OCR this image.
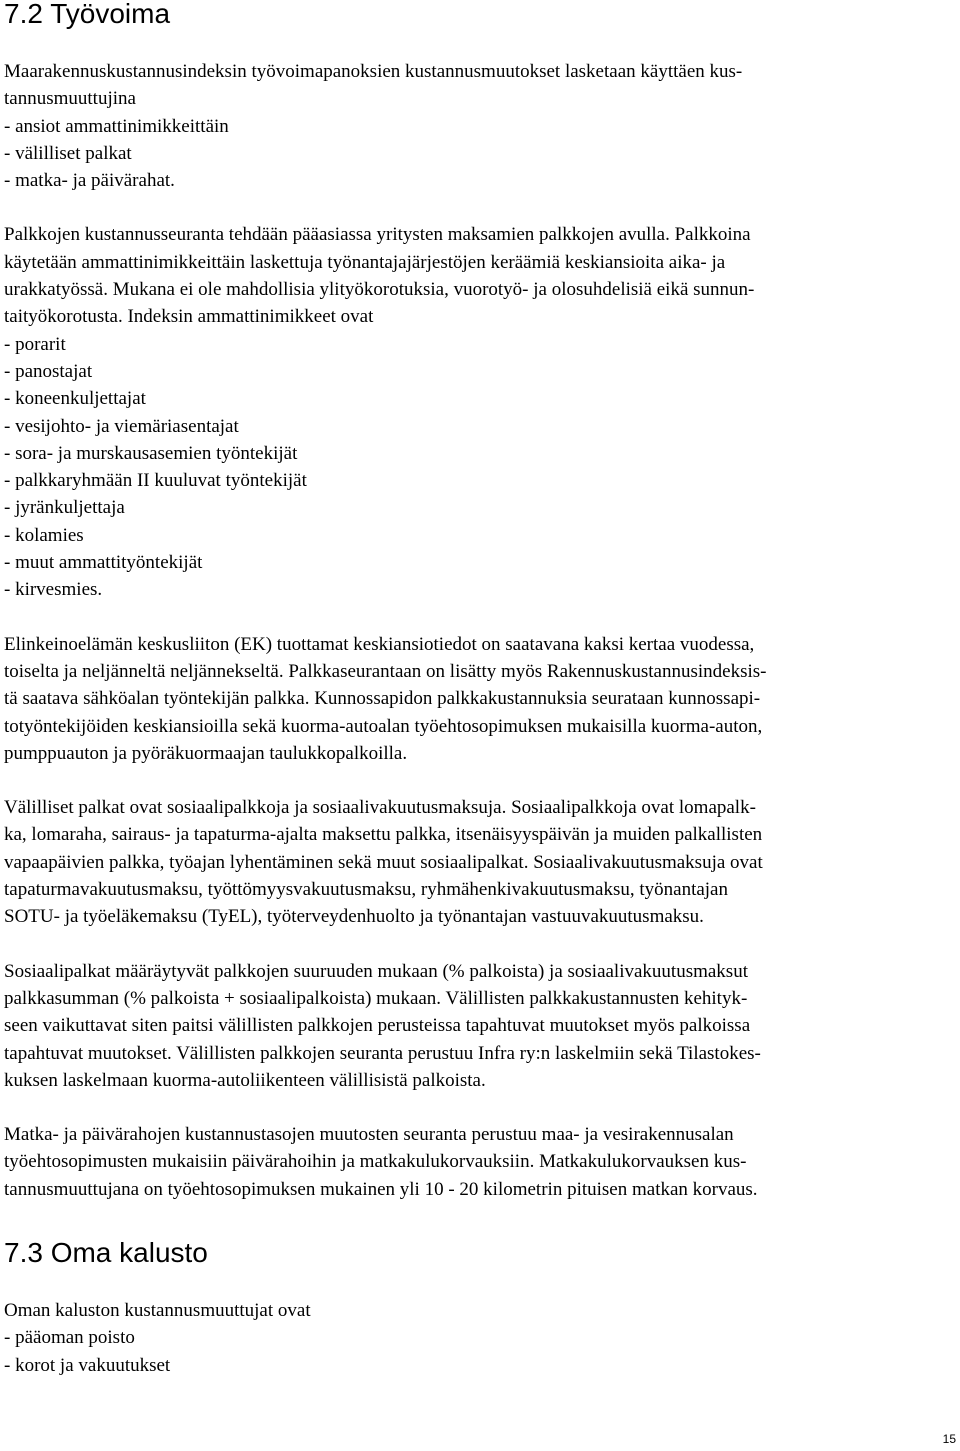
7.2 Työvoima
Maarakennuskustannusindeksin työvoimapanoksien kustannusmuutokset lasketaan käyttäen kus-
tannusmuuttujina
- ansiot ammattinimikkeittäin
- välilliset palkat
- matka- ja päivärahat.
Palkkojen kustannusseuranta tehdään pääasiassa yritysten maksamien palkkojen avulla. Palkkoina
käytetään ammattinimikkeittäin laskettuja työnantajajärjestöjen keräämiä keskiansioita aika- ja
urakkatyössä. Mukana ei ole mahdollisia ylityökorotuksia, vuorotyö- ja olosuhdelisiä eikä sunnun-
taityökorotusta. Indeksin ammattinimikkeet ovat
- porarit
- panostajat
- koneenkuljettajat
- vesijohto- ja viemäriasentajat
- sora- ja murskausasemien työntekijät
- palkkaryhmään II kuuluvat työntekijät
- jyränkuljettaja
- kolamies
- muut ammattityöntekijät
- kirvesmies.
Elinkeinoelämän keskusliiton (EK) tuottamat keskiansiotiedot on saatavana kaksi kertaa vuodessa,
toiselta ja neljänneltä neljännekseltä. Palkkaseurantaan on lisätty myös Rakennuskustannusindeksis-
tä saatava sähköalan työntekijän palkka. Kunnossapidon palkkakustannuksia seurataan kunnossapi-
totyöntekijöiden keskiansioilla sekä kuorma-autoalan työehtosopimuksen mukaisilla kuorma-auton,
pumppuauton ja pyöräkuormaajan taulukkopalkoilla.
Välilliset palkat ovat sosiaalipalkkoja ja sosiaalivakuutusmaksuja. Sosiaalipalkkoja ovat lomapalk-
ka, lomaraha, sairaus- ja tapaturma-ajalta maksettu palkka, itsenäisyyspäivän ja muiden palkallisten
vapaapäivien palkka, työajan lyhentäminen sekä muut sosiaalipalkat. Sosiaalivakuutusmaksuja ovat
tapaturmavakuutusmaksu, työttömyysvakuutusmaksu, ryhmähenkivakuutusmaksu, työnantajan
SOTU- ja työeläkemaksu (TyEL), työterveydenhuolto ja työnantajan vastuuvakuutusmaksu.
Sosiaalipalkat määräytyvät palkkojen suuruuden mukaan (% palkoista) ja sosiaalivakuutusmaksut
palkkasumman (% palkoista + sosiaalipalkoista) mukaan. Välillisten palkkakustannusten kehityk-
seen vaikuttavat siten paitsi välillisten palkkojen perusteissa tapahtuvat muutokset myös palkoissa
tapahtuvat muutokset. Välillisten palkkojen seuranta perustuu Infra ry:n laskelmiin sekä Tilastokes-
kuksen laskelmaan kuorma-autoliikenteen välillisistä palkoista.
Matka- ja päivärahojen kustannustasojen muutosten seuranta perustuu maa- ja vesirakennusalan
työehtosopimusten mukaisiin päivärahoihin ja matkakulukorvauksiin. Matkakulukorvauksen kus-
tannusmuuttujana on työehtosopimuksen mukainen yli 10 - 20 kilometrin pituisen matkan korvaus.
7.3 Oma kalusto
Oman kaluston kustannusmuuttujat ovat
- pääoman poisto
- korot ja vakuutukset
15
